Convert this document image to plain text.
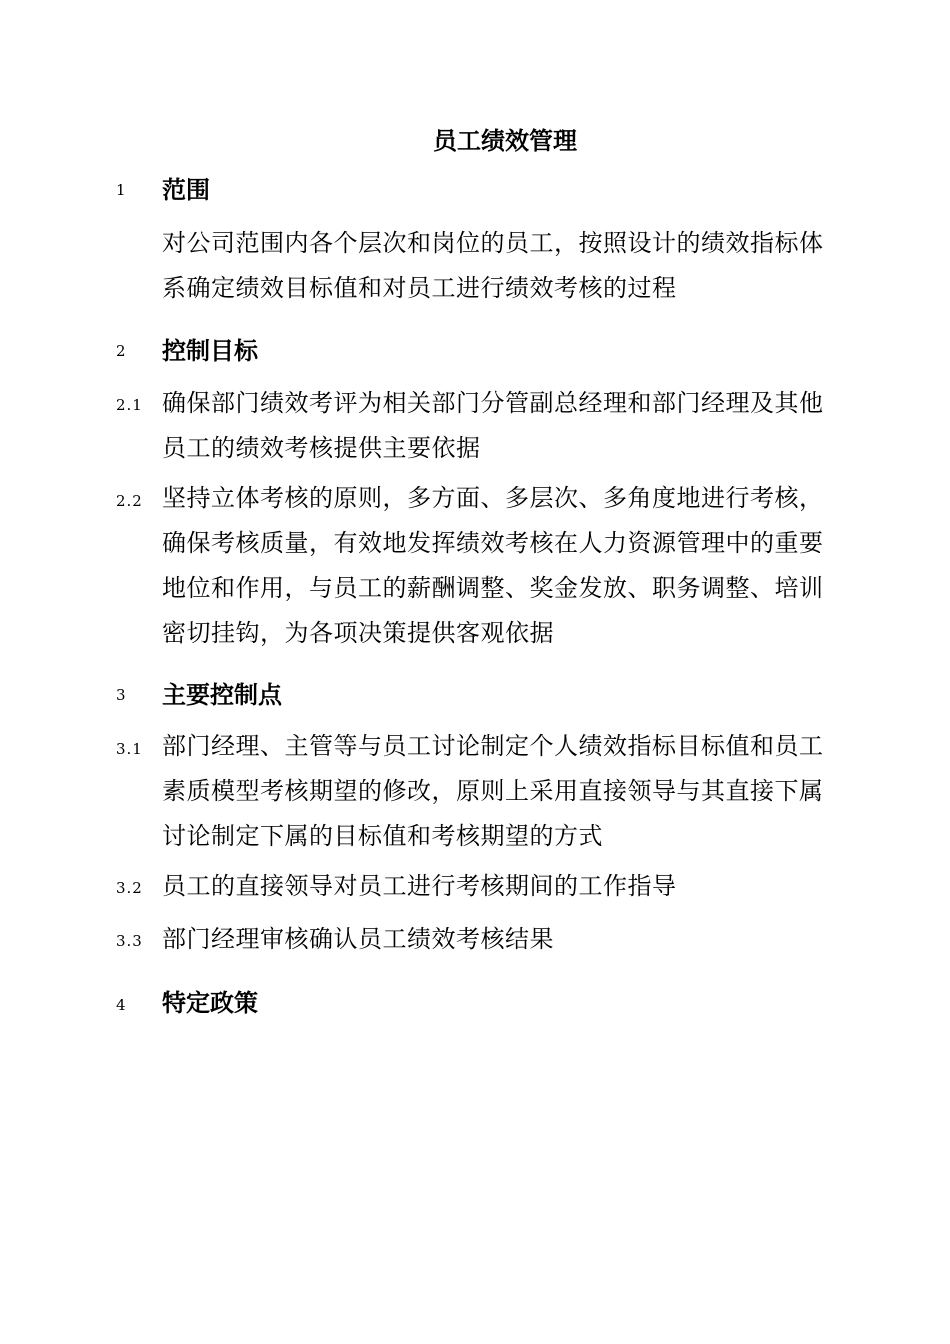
员工绩效管理
1 范围
对公司范围内各个层次和岗位的员工，按照设计的绩效指标体
系确定绩效目标值和对员工进行绩效考核的过程
2 控制目标
2.1 确保部门绩效考评为相关部门分管副总经理和部门经理及其他
员工的绩效考核提供主要依据
2.2 坚持立体考核的原则，多方面、多层次、多角度地进行考核，
确保考核质量，有效地发挥绩效考核在人力资源管理中的重要
地位和作用，与员工的薪酬调整、奖金发放、职务调整、培训
密切挂钩，为各项决策提供客观依据
3 主要控制点
3.1 部门经理、主管等与员工讨论制定个人绩效指标目标值和员工
素质模型考核期望的修改，原则上采用直接领导与其直接下属
讨论制定下属的目标值和考核期望的方式
3.2 员工的直接领导对员工进行考核期间的工作指导
3.3 部门经理审核确认员工绩效考核结果
4 特定政策
